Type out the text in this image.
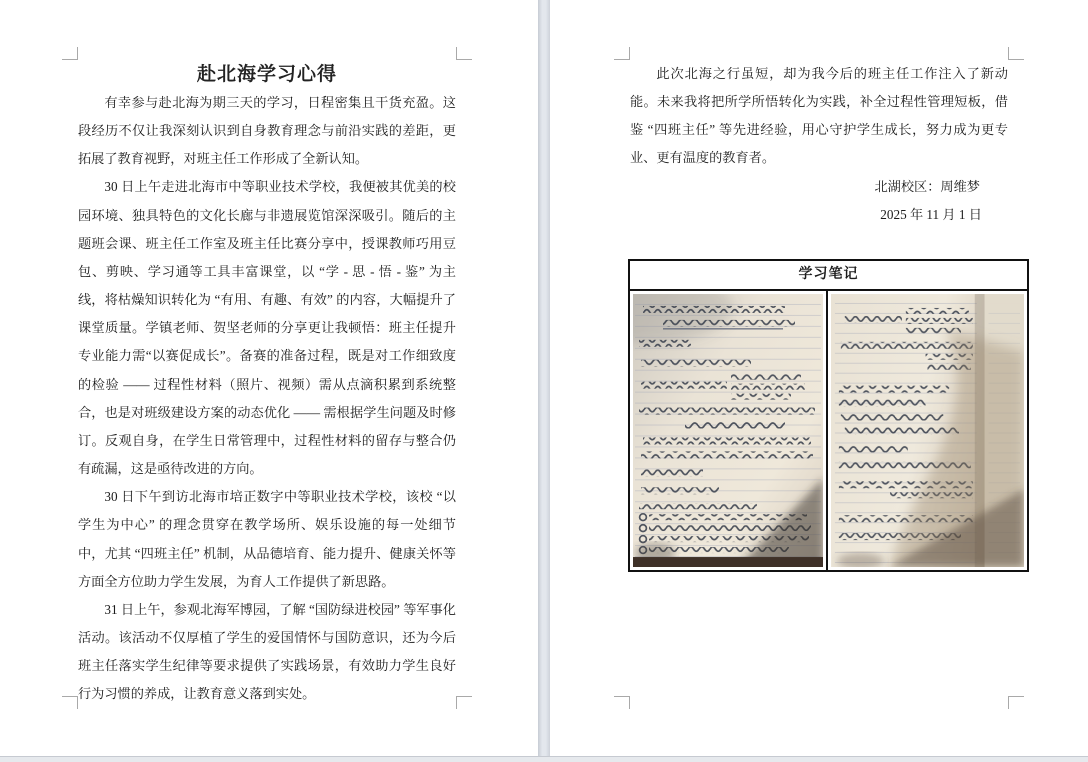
赴北海学习心得

有幸参与赴北海为期三天的学习，日程密集且干货充盈。这段经历不仅让我深刻认识到自身教育理念与前沿实践的差距，更拓展了教育视野，对班主任工作形成了全新认知。

30 日上午走进北海市中等职业技术学校，我便被其优美的校园环境、独具特色的文化长廊与非遗展览馆深深吸引。随后的主题班会课、班主任工作室及班主任比赛分享中，授课教师巧用豆包、剪映、学习通等工具丰富课堂，以 “学 - 思 - 悟 - 鉴” 为主线，将枯燥知识转化为 “有用、有趣、有效” 的内容，大幅提升了课堂质量。学镇老师、贺坚老师的分享更让我顿悟：班主任提升专业能力需“以赛促成长”。备赛的准备过程，既是对工作细致度的检验 —— 过程性材料（照片、视频）需从点滴积累到系统整合，也是对班级建设方案的动态优化 —— 需根据学生问题及时修订。反观自身，在学生日常管理中，过程性材料的留存与整合仍有疏漏，这是亟待改进的方向。

30 日下午到访北海市培正数字中等职业技术学校，该校 “以学生为中心” 的理念贯穿在教学场所、娱乐设施的每一处细节中，尤其 “四班主任” 机制，从品德培育、能力提升、健康关怀等方面全方位助力学生发展，为育人工作提供了新思路。

31 日上午，参观北海军博园，了解 “国防绿进校园” 等军事化活动。该活动不仅厚植了学生的爱国情怀与国防意识，还为今后班主任落实学生纪律等要求提供了实践场景，有效助力学生良好行为习惯的养成，让教育意义落到实处。

此次北海之行虽短，却为我今后的班主任工作注入了新动能。未来我将把所学所悟转化为实践，补全过程性管理短板，借鉴 “四班主任” 等先进经验，用心守护学生成长，努力成为更专业、更有温度的教育者。

北湖校区：周维梦

2025 年 11 月 1 日

学习笔记
